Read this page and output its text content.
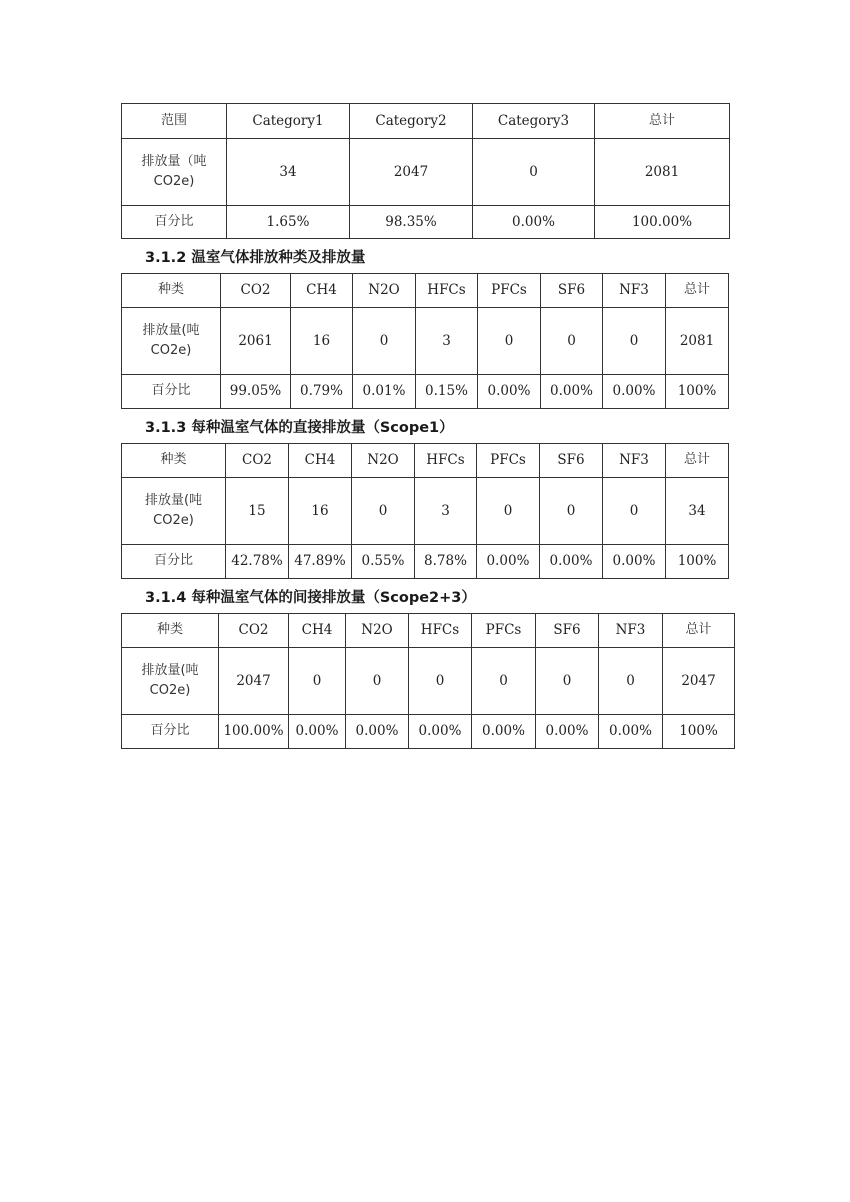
范围	Category1	Category2	Category3	总计

排放量（吨
CO2e)	34	2047	0	2081
百分比	1.65%	98.35%	0.00%	100.00%
3.1.2 温室气体排放种类及排放量
种类	CO2	CH4	N2O	HFCs	PFCs	SF6	NF3	总计

排放量(吨
CO2e)	2061	16	0	3	0	0	0	2081
百分比	99.05%	0.79%	0.01%	0.15%	0.00%	0.00%	0.00%	100%
3.1.3 每种温室气体的直接排放量（Scope1）
种类	CO2	CH4	N2O	HFCs	PFCs	SF6	NF3	总计

排放量(吨
CO2e)	15	16	0	3	0	0	0	34
百分比	42.78%	47.89%	0.55%	8.78%	0.00%	0.00%	0.00%	100%
3.1.4 每种温室气体的间接排放量（Scope2+3）
种类	CO2	CH4	N2O	HFCs	PFCs	SF6	NF3	总计

排放量(吨
CO2e)	2047	0	0	0	0	0	0	2047
百分比	100.00%	0.00%	0.00%	0.00%	0.00%	0.00%	0.00%	100%
